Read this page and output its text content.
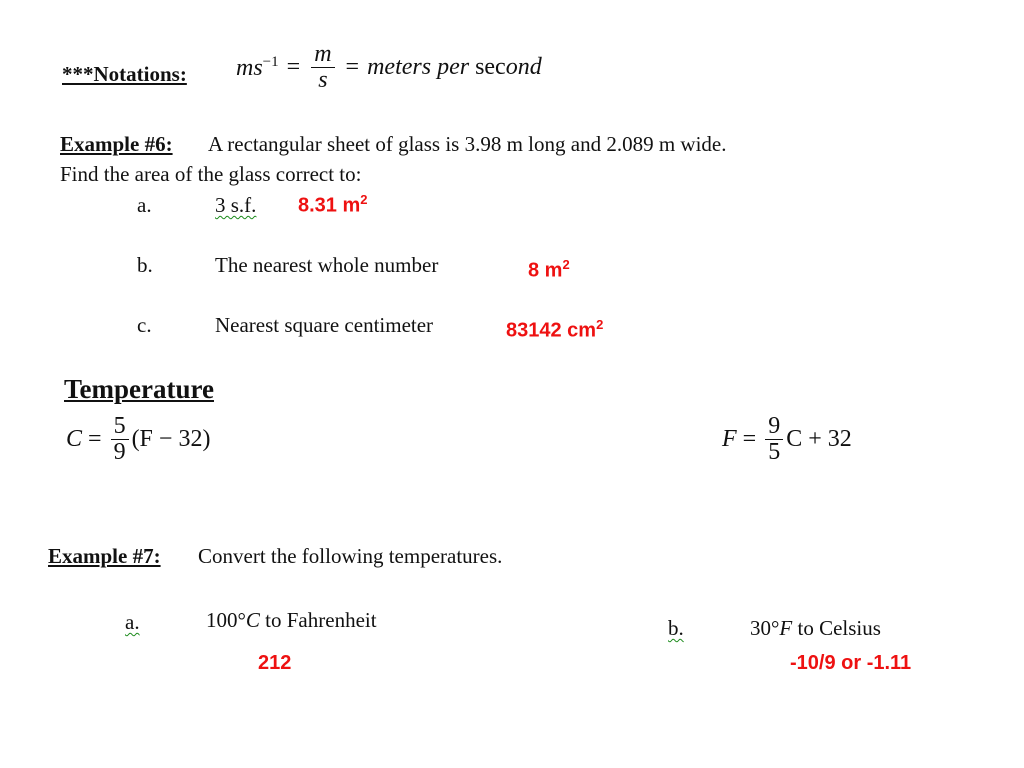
***Notations: $ms^{-1} = \frac{m}{s}$ = meters per second
Example #6: A rectangular sheet of glass is 3.98 m long and 2.089 m wide.
Find the area of the glass correct to:
a.	3 s.f. 8.31 $m^2$
b.	The nearest whole number	8 $m^2$
c.	Nearest square centimeter	83142 $cm^2$
Temperature
$C = \frac{5}{9} (F - 32)$	$F = \frac{9}{5}$ C + 32
Example #7: Convert the following temperatures.
a.	100°C to Fahrenheit
212
b.	30°F to Celsius
-10/9 or -1.11
